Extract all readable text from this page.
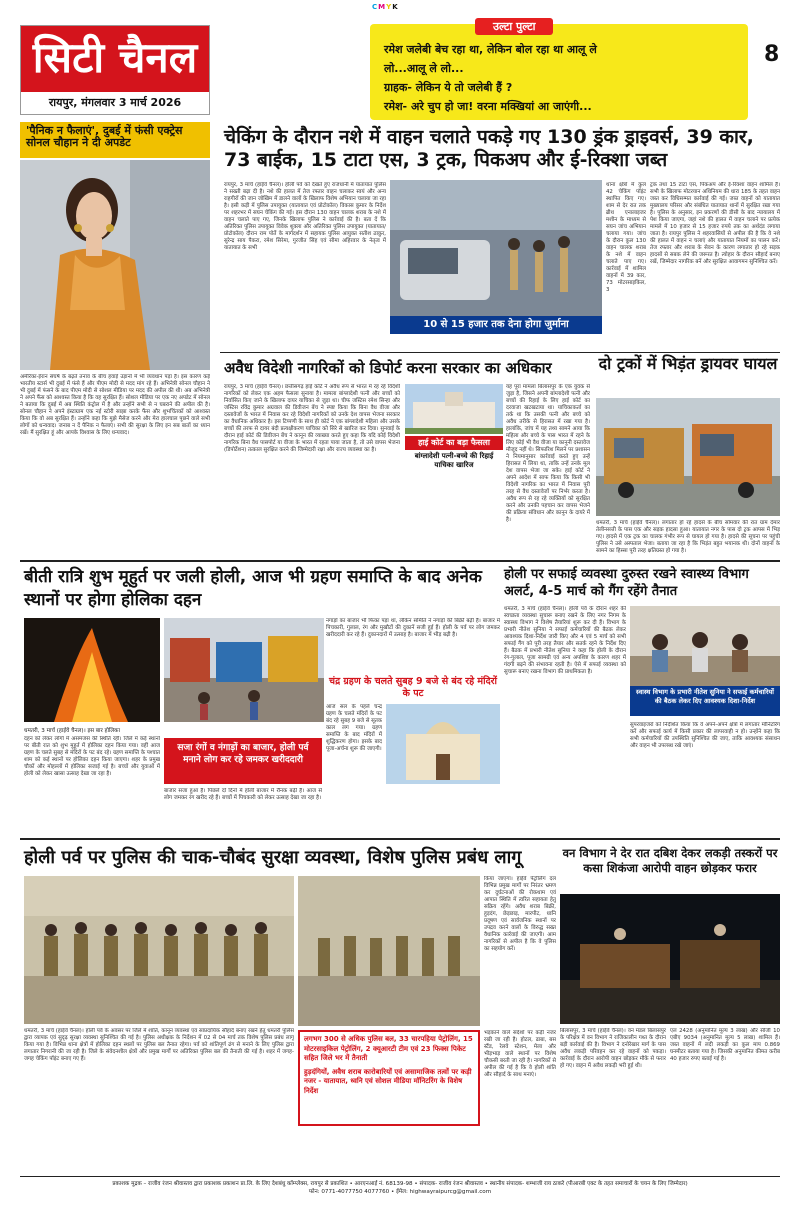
CMYK
सिटी चैनल
रायपुर, मंगलवार 3 मार्च 2026
उल्टा पुल्टा
रमेश जलेबी बेच रहा था, लेकिन बोल रहा था आलू ले
लो...आलू ले लो...
ग्राहक- लेकिन ये तो जलेबी हैं ?
रमेश- अरे चुप हो जा! वरना मक्खियां आ जाएंगी...
8
'पैनिक न फैलाएं', दुबई में फंसी एक्ट्रेस सोनल चौहान ने दी अपडेट
अमेरिका-ईरान संघर्ष के बढ़ते तनाव के बीच हवाई उड़ानों में भी व्यवधान पड़ा है। इस कारण कई भारतीय स्टार्स भी दुबई में फंसे हैं और पीएम मोदी से मदद मांग रहे हैं। अभिनेत्री सोनल चौहान ने भी दुबई में फंसने के बाद पीएम मोदी से सोशल मीडिया पर मदद की अपील की थी। अब अभिनेत्री ने अपने फैंस को आश्वस्त किया है कि वह सुरक्षित हैं। सोशल मीडिया पर एक नए अपडेट में सोनल ने बताया कि दुबई में अब स्थिति कंट्रोल में है और उन्होंने सभी से न घबराने की अपील की है। सोनल चौहान ने अपने इंस्टाग्राम एक नई स्टोरी साझा करके फैंस और शुभचिंतकों को आश्वस्त किया कि वो अब सुरक्षित हैं। उन्होंने कहा कि मुझे मैसेज करने और मेरा हालचाल पूछने वाले सभी लोगों को धन्यवाद। जनाब न दें पैनिक न फैलाएं। सभी की सुरक्षा के लिए इन सब बातों का ध्यान रखें। मैं सुरक्षित हूं और आपके विश्वास के लिए धन्यवाद।
चेकिंग के दौरान नशे में वाहन चलाते पकड़े गए 130 ड्रंक ड्राइवर्स, 39 कार, 73 बाईक, 15 टाटा एस, 3 ट्रक, पिकअप और ई-रिक्शा जब्त
रायपुर, 3 मार्च (हाईवे चैनल)। होली पर्व को देखते हुए राजधानी में यातायात पुलिस ने सख्ती बढ़ा दी है। नशे की हालत में तेज रफ्तार वाहन चलाकर स्वयं और अन्य राहगीरों की जान जोखिम में डालने वालों के खिलाफ विशेष अभियान चलाया जा रहा है। इसी कड़ी में पुलिस उपायुक्त (यातायात एवं प्रोटोकॉल) विकास कुमार के निर्देश पर शहरभर में सघन चेकिंग की गई। इस दौरान 130 वाहन चालक शराब के नशे में वाहन चलाते पाए गए, जिनके खिलाफ पुलिस ने कार्रवाई की है। बता दें कि अतिरिक्त पुलिस उपायुक्त विवेक शुक्ला और अतिरिक्त पुलिस उपायुक्त (यातायात/प्रोटोकॉल) दौरान राम पोर्ते के मार्गदर्शन में सहायक पुलिस आयुक्त सतीश ठाकुर, सुरेन्द्र साय पैकरा, रमेश सिरेमा, गुरजीत सिंह एवं सीमा अहिरवार के नेतृत्व में यातायात के सभी
10 से 15 हजार तक देना होगा जुर्माना
थाना क्षेत्रों में कुल 42 चेकिंग पॉइंट स्थापित किए गए। शाम से देर रात तक ब्रीथ एनालाइजर मशीन के माध्यम से सघन जांच अभियान चलाया गया। जांच के दौरान कुल 130 वाहन चालक शराब के नशे में वाहन चलाते पाए गए। कार्रवाई में शामिल वाहनों में 39 कार, 73 मोटरसाइकिल, 3
ट्रक तथा 15 टाटा एस, पिकअप और ई-रिक्शा वाहन शामिल हैं। सभी के खिलाफ मोटरयान अधिनियम की धारा 185 के तहत वाहन जब्त कर विधिसम्मत कार्रवाई की गई। जब्त वाहनों को यातायात मुख्यालय परिसर और संबंधित यातायात थानों में सुरक्षित रखा गया है। पुलिस के अनुसार, इन प्रकरणों की डीसी के बाद न्यायालय में पेश किया जाएगा, जहां नशे की हालत में वाहन चलाने पर प्रत्येक मामले में 10 हजार से 15 हजार रुपये तक का अर्थदंड लगाया जाता है। रायपुर पुलिस ने शहरवासियों से अपील की है कि वे नशे की हालत में वाहन न चलाएं और यातायात नियमों का पालन करें। तेज रफ्तार और शराब के सेवन के कारण लगातार हो रहे सड़क हादसों से सबक लेने की जरूरत है। त्योहार के दौरान सौहार्द बनाए रखें, जिम्मेदार नागरिक बनें और सुरक्षित आवागमन सुनिश्चित करें।
अवैध विदेशी नागरिकों को डिपोर्ट करना सरकार का अधिकार
रायपुर, 3 मार्च (हाईवे चैनल)। छत्तीसगढ़ हाई कोर्ट ने अवैध रूप से भारत में रह रहे विदेशी नागरिकों को लेकर एक अहम फैसला सुनाया है। मामला बांग्लादेशी पत्नी और बच्चों को निर्वासित किए जाने के खिलाफ दायर याचिका से जुड़ा था। चीफ जस्टिस रमेश सिन्हा और जस्टिस रविंद्र कुमार अग्रवाल की डिवीजन बेंच ने स्पष्ट किया कि बिना वैध वीजा और दस्तावेजों के भारत में निवास कर रहे विदेशी नागरिकों को उनके देश वापस भेजना सरकार का वैधानिक अधिकार है। इस टिप्पणी के साथ ही कोर्ट ने एक बांग्लादेशी महिला और उसके बच्चों की तरफ से दायर बंदी प्रत्यक्षीकरण याचिका को सिरे से खारिज कर दिया। सुनवाई के दौरान हाई कोर्ट की डिवीजन बेंच ने कानून की व्याख्या करते हुए कहा कि यदि कोई विदेशी नागरिक बिना वैध पासपोर्ट या वीजा के भारत में रहता पाया जाता है, तो उसे वापस भेजना (डिपोर्टेशन) तत्काल सुरक्षित करने की जिम्मेदारी रक्षा और राज्य व्यवस्था का है।
हाई कोर्ट का बड़ा फैसला
बांग्लादेशी पत्नी-बच्चे की रिहाई याचिका खारिज
यह पूरा मामला बिलासपुर के एक युवक से जुड़ा है, जिसने अपनी बांग्लादेशी पत्नी और बच्चों की रिहाई के लिए हाई कोर्ट का दरवाजा खटखटाया था। याचिकाकर्ता का तर्क था कि उसकी पत्नी और बच्चे को अवैध तरीके से हिरासत में रखा गया है। हालांकि, जांच में यह तथ्य सामने आया कि महिला और बच्चे के पास भारत में रहने के लिए कोई भी वैध वीजा या कानूनी दस्तावेज मौजूद नहीं थे। सिफारिश मिलने पर प्रशासन ने नियमानुसार कार्रवाई करते हुए उन्हें हिरासत में लिया था, ताकि उन्हें उनके मूल देश वापस भेजा जा सके। हाई कोर्ट ने अपने आदेश में साफ किया कि किसी भी विदेशी नागरिक का भारत में निवास पूरी तरह से वैध दस्तावेजों पर निर्भर करता है। अवैध रूप से रह रहे व्यक्तियों को सुरक्षित करने और उनकी पहचान कर वापस भेजने की प्रक्रिया संविधान और कानून के दायरे में है।
दो ट्रकों में भिड़ंत ड्रायवर घायल
धमतरी, 3 मार्च (हाईवे चैनल)। लगातार हो रहे हादसे के बीच सोमवार की रात ग्राम देमार तेलीनसत्ती के पास एक और सड़क हादसा हुआ। यातायात नगर के पास दो ट्रक आपस में भिड़ गए। हादसे में एक ट्रक का चालक गंभीर रूप से घायल हो गया है। हादसे की सूचना पर पहुंची पुलिस ने उसे अस्पताल भेजा। बताया जा रहा है कि भिड़ंत बहुत भयानक थी। दोनों वाहनों के सामने का हिस्सा पूरी तरह क्षतिग्रस्त हो गया है।
बीती रात्रि शुभ मूहुर्त पर जली होली, आज भी ग्रहण समाप्ति के बाद अनेक स्थानों पर होगा होलिका दहन
नगाड़ों का बाजार भी फिका पड़ा था, लेकिन समिति ने नगाड़ों की बिक्री बढ़ी है। बाजार में पिचकारी, गुलाल, रंग और मुखौटों की दुकानें सजी हुई हैं। होली के पर्व पर लोग जमकर खरीददारी कर रहे हैं। दुकानदारों में उत्साह है। बाजार में भीड़ बढ़ी है।
चंद्र ग्रहण के चलते सुबह 9 बजे से बंद रहे मंदिरों के पट
आज सल के पहले चन्द्र ग्रहण के चलते मंदिरों के पट बंद रहे सुबह 9 बजे से सूतक काल लग गया। ग्रहण समाप्ति के बाद मंदिरों में शुद्धिकरण होगा। इसके बाद पूजा-अर्चना शुरू की जाएगी।
धमतरी, 3 मार्च (हाईवे चैनल)। इस बार होलिका
दहन को लेकर लोगों में असमंजस की स्थिति रही। जिले में कई स्थानों पर बीती रात को शुभ मुहूर्त में होलिका दहन किया गया। वहीं आज ग्रहण के चलते सुबह से मंदिरों के पट बंद रहे। ग्रहण समाप्ति के पश्चात शाम को कई स्थानों पर होलिका दहन किया जाएगा। शहर के प्रमुख चौकों और मोहल्लों में होलिका सजाई गई है। बच्चों और युवाओं में होली को लेकर खासा उत्साह देखा जा रहा है।
सजा रंगों व नंगाड़ों का बाजार, होली पर्व मनाने लोग कर रहे जमकर खरीददारी
बाजार सजा हुआ है। पिछले दो दिनों में होली बाजार में रौनक बढ़ी है। आज से लोग जमकर रंग खरीद रहे हैं। बच्चों में पिचकारी को लेकर उत्साह देखा जा रहा है।
होली पर सफाई व्यवस्था दुरुस्त रखने स्वास्थ्य विभाग अलर्ट, 4-5 मार्च को गैंग रहेंगे तैनात
धमतरी, 3 मार्च (हाईवे चैनल)। होली पर्व के दौरान शहर की स्वच्छता व्यवस्था सुचारू बनाए रखने के लिए नगर निगम के स्वास्थ्य विभाग ने विशेष तैयारियां शुरू कर दी हैं। विभाग के प्रभारी नीतेश सुनिया ने सफाई कर्मचारियों की बैठक लेकर आवश्यक दिशा-निर्देश जारी किए और 4 एवं 5 मार्च को सभी सफाई गैंग को पूरी तरह तैयार और सतर्क रहने के निर्देश दिए हैं। बैठक में प्रभारी नीतेश सुनिया ने कहा कि होली के दौरान रंग-गुलाल, पूजा सामग्री एवं अन्य अपशिष्ट के कारण शहर में गंदगी बढ़ने की संभावना रहती है। ऐसे में सफाई व्यवस्था को सुचारू बनाए रखना विभाग की प्राथमिकता है।
स्वास्थ विभाग के प्रभारी नीतेश सुनिया ने सफाई कर्मचारियों की बैठक लेकर दिए आवश्यक दिशा-निर्देश
सुपरवाइजरों को निर्देशित किया कि वे अपने-अपने क्षेत्रों में लगातार मॉनिटरिंग करें और सफाई कार्य में किसी प्रकार की लापरवाही न हो। उन्होंने कहा कि सभी कर्मचारियों की उपस्थिति सुनिश्चित की जाए, ताकि आवश्यक संसाधन और वाहन भी उपलब्ध रखे जाएं।
होली पर्व पर पुलिस की चाक-चौबंद सुरक्षा व्यवस्था, विशेष पुलिस प्रबंध लागू
धमतरी, 3 मार्च (हाईवे चैनल)। होली पर्व के अवसर पर जिले में शांति, कानून व्यवस्था एवं सांप्रदायिक सौहार्द बनाए रखने हेतु धमतरी पुलिस द्वारा व्यापक एवं सुदृढ़ सुरक्षा व्यवस्था सुनिश्चित की गई है। पुलिस अधीक्षक के निर्देशन में 02 से 04 मार्च तक विशेष पुलिस प्रबंध लागू किया गया है। विभिन्न थाना क्षेत्रों में होलिका दहन स्थलों पर पुलिस बल तैनात रहेगा। पर्व को शांतिपूर्ण ढंग से मनाने के लिए पुलिस द्वारा लगातार निगरानी की जा रही है। जिले के संवेदनशील क्षेत्रों और प्रमुख मार्गों पर अतिरिक्त पुलिस बल की तैनाती की गई है। शहर में जगह-जगह चेकिंग पॉइंट बनाए गए हैं।
लगभग 300 से अधिक पुलिस बल, 33 चारपहिया पेट्रोलिंग, 15 मोटरसाइकिल पेट्रोलिंग, 2 क्यूआरटी टीम एवं 23 फिक्स पिकेट सहित जिले भर में तैनाती
हुड़दंगियों, अवैध शराब कारोबारियों एवं असामाजिक तत्वों पर कड़ी नजर - यातायात, ध्वनि एवं सोशल मीडिया मॉनिटरिंग के विशेष निर्देश
भड़काने वाले संदेशों पर कड़ी नजर रखी जा रही है। होटल, ढाबा, बस स्टैंड, रेलवे स्टेशन, मेला और भीड़भाड़ वाले स्थानों पर विशेष चौकसी बरती जा रही है। नागरिकों से अपील की गई है कि वे होली शांति और सौहार्द के साथ मनाएं।
किया जाएगा। हाईवे पेट्रोलिंग दल विभिन्न प्रमुख मार्गों पर निरंतर भ्रमण कर दुर्घटनाओं की रोकथाम एवं आपात स्थिति में त्वरित सहायता हेतु सक्रिय रहेंगे। अवैध शराब बिक्री, हुड़दंग, छेड़छाड़, मारपीट, ध्वनि प्रदूषण एवं सार्वजनिक स्थानों पर उपद्रव करने वालों के विरुद्ध सख्त वैधानिक कार्रवाई की जाएगी। आम नागरिकों से अपील है कि वे पुलिस का सहयोग करें।
वन विभाग ने देर रात दबिश देकर लकड़ी तस्करों पर कसा शिकंजा आरोपी वाहन छोड़कर फरार
बिलासपुर, 3 मार्च (हाईवे चैनल)। वन मंडल बिलासपुर के परिक्षेत्र में वन विभाग ने राजिकालीन गश्त के दौरान बड़ी कार्रवाई की है। विभाग ने दनोरेखार मार्ग के पास अवैध लकड़ी परिवहन कर रहे वाहनों को पकड़ा। कार्रवाई के दौरान आरोपी वाहन छोड़कर मौके से फरार हो गए। वाहन में अवैध लकड़ी भरी हुई थी।
एल 2428 (अनुमानित मूल्य 3 लाख) और सीजी 10 एबीए 9034 (अनुमानित मूल्य 5 लाख) शामिल हैं। जब्त वाहनों में लदी लकड़ी का कुल माप 0.869 घनमीटर बताया गया है। जिसकी अनुमानित कीमत करीब 40 हजार रुपए बताई गई है।
प्रकाशक मुद्रक – राजीव रंजन श्रीवास्तव द्वारा प्रकाशक प्रकाशन प्रा.लि. के लिए देशबंधु कॉम्प्लेक्स, रायपुर से प्रकाशित • आरएनआई नं. 68139-98 • संपादक- राजीव रंजन श्रीवास्तव • स्थानीय संपादक- शम्भाजी राय ठाकरे (पीआरबी एक्ट के तहत समाचारों के चयन के लिए जिम्मेदार)
फोन: 0771-4077750 4077760 • ईमेल: highwayraipurcg@gmail.com
